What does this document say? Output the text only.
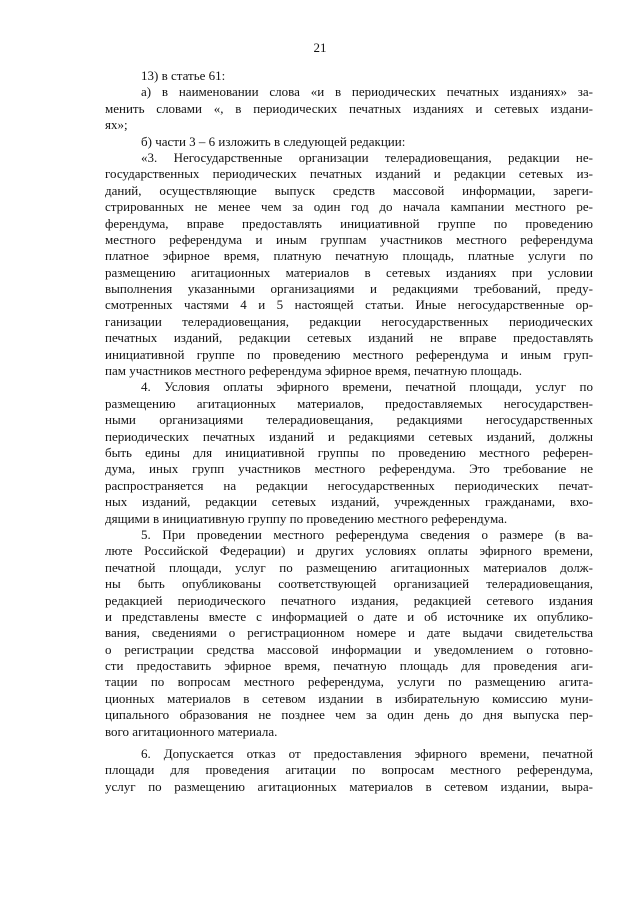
21
13) в статье 61:
а) в наименовании слова «и в периодических печатных изданиях» за-
менить словами «, в периодических печатных изданиях и сетевых издани-
ях»;
б) части 3 – 6 изложить в следующей редакции:
«3. Негосударственные организации телерадиовещания, редакции не-
государственных периодических печатных изданий и редакции сетевых из-
даний, осуществляющие выпуск средств массовой информации, зареги-
стрированных не менее чем за один год до начала кампании местного ре-
ферендума, вправе предоставлять инициативной группе по проведению
местного референдума и иным группам участников местного референдума
платное эфирное время, платную печатную площадь, платные услуги по
размещению агитационных материалов в сетевых изданиях при условии
выполнения указанными организациями и редакциями требований, преду-
смотренных частями 4 и 5 настоящей статьи. Иные негосударственные ор-
ганизации телерадиовещания, редакции негосударственных периодических
печатных изданий, редакции сетевых изданий не вправе предоставлять
инициативной группе по проведению местного референдума и иным груп-
пам участников местного референдума эфирное время, печатную площадь.
4. Условия оплаты эфирного времени, печатной площади, услуг по
размещению агитационных материалов, предоставляемых негосударствен-
ными организациями телерадиовещания, редакциями негосударственных
периодических печатных изданий и редакциями сетевых изданий, должны
быть едины для инициативной группы по проведению местного референ-
дума, иных групп участников местного референдума. Это требование не
распространяется на редакции негосударственных периодических печат-
ных изданий, редакции сетевых изданий, учрежденных гражданами, вхо-
дящими в инициативную группу по проведению местного референдума.
5. При проведении местного референдума сведения о размере (в ва-
люте Российской Федерации) и других условиях оплаты эфирного времени,
печатной площади, услуг по размещению агитационных материалов долж-
ны быть опубликованы соответствующей организацией телерадиовещания,
редакцией периодического печатного издания, редакцией сетевого издания
и представлены вместе с информацией о дате и об источнике их опублико-
вания, сведениями о регистрационном номере и дате выдачи свидетельства
о регистрации средства массовой информации и уведомлением о готовно-
сти предоставить эфирное время, печатную площадь для проведения аги-
тации по вопросам местного референдума, услуги по размещению агита-
ционных материалов в сетевом издании в избирательную комиссию муни-
ципального образования не позднее чем за один день до дня выпуска пер-
вого агитационного материала.
6. Допускается отказ от предоставления эфирного времени, печатной
площади для проведения агитации по вопросам местного референдума,
услуг по размещению агитационных материалов в сетевом издании, выра-
